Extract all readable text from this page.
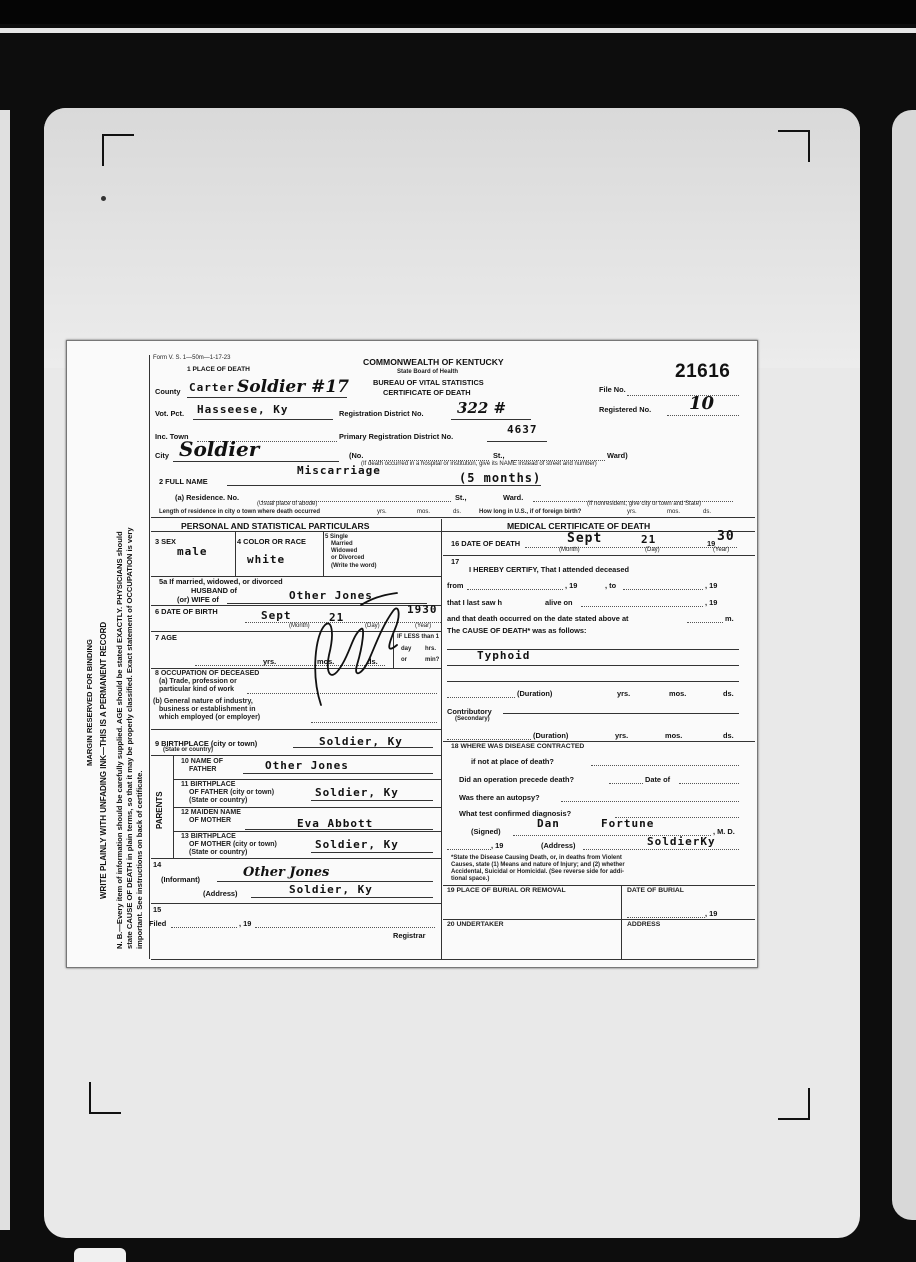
MARGIN RESERVED FOR BINDING WRITE PLAINLY WITH UNFADING INK—THIS IS A PERMANENT RECORD N. B.—Every item of information should be carefully supplied. AGE should be stated EXACTLY. PHYSICIANS should state CAUSE OF DEATH in plain terms, so that it may be properly classified. Exact statement of OCCUPATION is very important. See instructions on back of certificate.
Form V. S. 1—50m—1-17-23
1 PLACE OF DEATH
COMMONWEALTH OF KENTUCKY
State Board of Health
BUREAU OF VITAL STATISTICS
CERTIFICATE OF DEATH
21616
File No.
Registered No. 10
County Carter Soldier #17
Vot. Pct. Hasseese, Ky	Registration District No. 322 #
Inc. Town	Primary Registration District No.
4637
City Soldier	(No.	St.,	Ward)
(If death occurred in a hospital or institution, give its NAME instead of street and number)
2 FULL NAME
Miscarriage
(5 months)
(a) Residence. No.	St.,	Ward.
(Usual place of abode)	(If nonresident, give city or town and State)
Length of residence in city o town where death occurred	yrs.	mos.	ds.	How long in U.S., if of foreign birth?	yrs.	mos.	ds.
PERSONAL AND STATISTICAL PARTICULARS	MEDICAL CERTIFICATE OF DEATH
3 SEX
male
4 COLOR OR RACE
white
5 Single
Married
Widowed
or Divorced
(Write the word)
5a If married, widowed, or divorced
HUSBAND of
(or) WIFE of	Other Jones
6 DATE OF BIRTH	Sept	21
1930
(Month)	(Day)	(Year)
7 AGE
yrs.	mos.	ds.
IF LESS than 1
day hrs.
or	min?
8 OCCUPATION OF DECEASED
(a) Trade, profession or
particular kind of work
(b) General nature of industry,
business or establishment in
which employed (or employer)
9 BIRTHPLACE (city or town)
(State or country)
Soldier, Ky
PARENTS
10 NAME OF
FATHER	Other Jones
11 BIRTHPLACE
OF FATHER (city or town)
(State or country)
Soldier, Ky
12 MAIDEN NAME
OF MOTHER	Eva Abbott
13 BIRTHPLACE
OF MOTHER (city or town)
(State or country)
Soldier, Ky
14
(Informant)	Other Jones
(Address)	Soldier, Ky
15
Filed	, 19
Registrar
16 DATE OF DEATH	Sept	21	19 30
(Month)	(Day)	(Year)
17
I HEREBY CERTIFY, That I attended deceased
from	, 19	, to	, 19
that I last saw h	alive on	, 19
and that death occurred on the date stated above at	m.
The CAUSE OF DEATH* was as follows:
Typhoid
(Duration)	yrs.	mos.	ds.
Contributory
(Secondary)
(Duration)	yrs.	mos.	ds.
18 WHERE WAS DISEASE CONTRACTED
if not at place of death?
Did an operation precede death?	Date of
Was there an autopsy?
What test confirmed diagnosis?
(Signed)
Dan	Fortune
, M. D.
, 19	(Address)	SoldierKy
*State the Disease Causing Death, or, in deaths from Violent
Causes, state (1) Means and nature of Injury; and (2) whether
Accidental, Suicidal or Homicidal. (See reverse side for addi-
tional space.)
19 PLACE OF BURIAL OR REMOVAL	DATE OF BURIAL
, 19
20 UNDERTAKER	ADDRESS
